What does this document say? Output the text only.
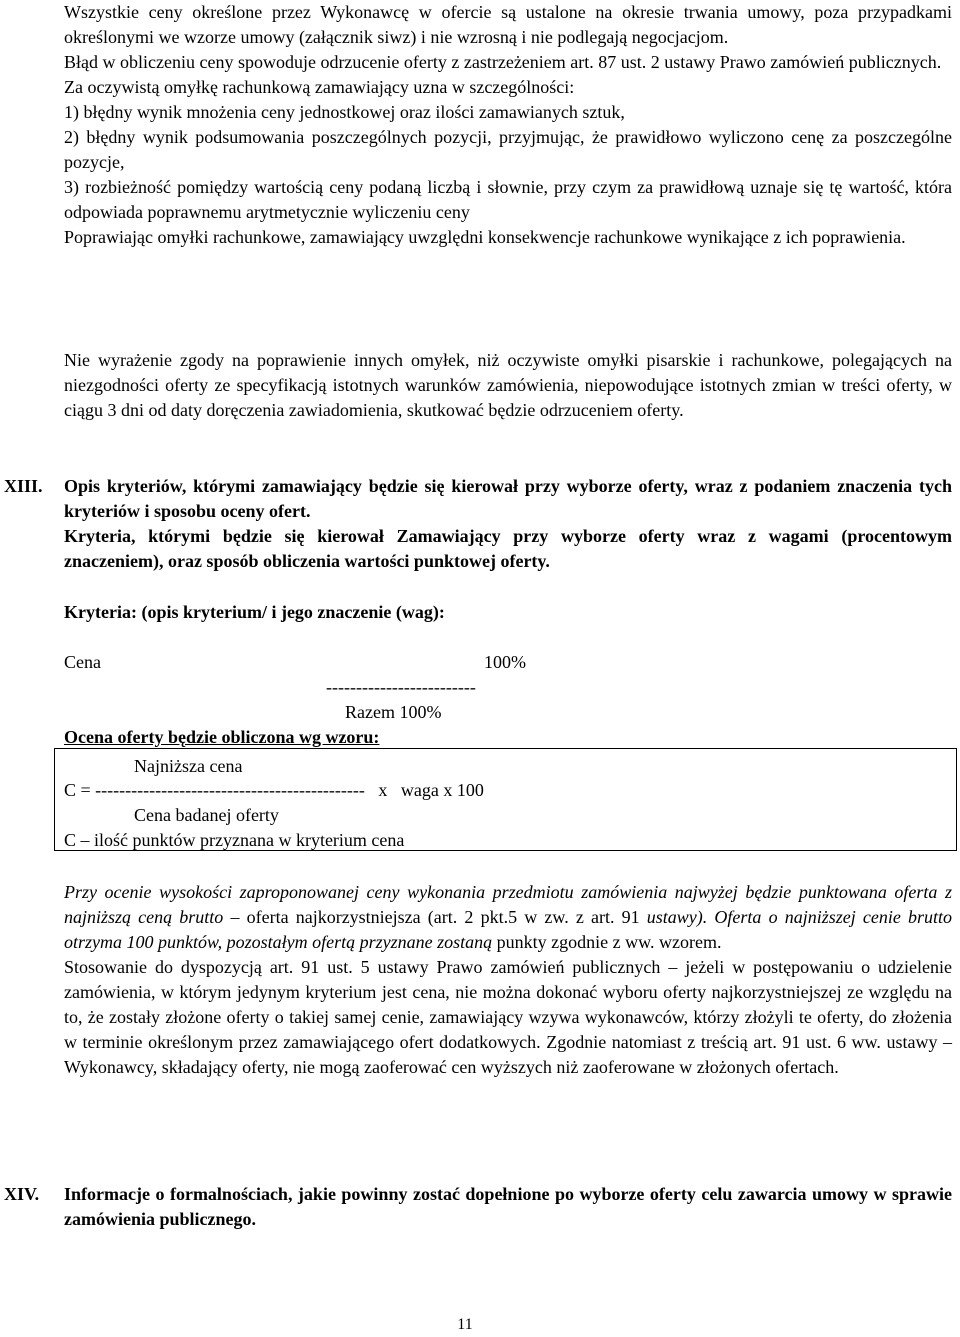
Wszystkie ceny określone przez Wykonawcę w ofercie są ustalone na okresie trwania umowy, poza przypadkami określonymi we wzorze umowy (załącznik siwz) i nie wzrosną i nie podlegają negocjacjom.

Błąd w obliczeniu ceny spowoduje odrzucenie oferty z zastrzeżeniem art. 87 ust. 2 ustawy Prawo zamówień publicznych.

Za oczywistą omyłkę rachunkową zamawiający uzna w szczególności:

1) błędny wynik mnożenia ceny jednostkowej oraz ilości zamawianych sztuk,

2) błędny wynik podsumowania poszczególnych pozycji, przyjmując, że prawidłowo wyliczono cenę za poszczególne pozycje,

3) rozbieżność pomiędzy wartością ceny podaną liczbą i słownie, przy czym za prawidłową uznaje się tę wartość, która odpowiada poprawnemu arytmetycznie wyliczeniu ceny

Poprawiając omyłki rachunkowe, zamawiający uwzględni konsekwencje rachunkowe wynikające z ich poprawienia.

Nie wyrażenie zgody na poprawienie innych omyłek, niż oczywiste omyłki pisarskie i rachunkowe, polegających na niezgodności oferty ze specyfikacją istotnych warunków zamówienia, niepowodujące istotnych zmian w treści oferty, w ciągu 3 dni od daty doręczenia zawiadomienia, skutkować będzie odrzuceniem oferty.

XIII.	Opis kryteriów, którymi zamawiający będzie się kierował przy wyborze oferty, wraz z podaniem znaczenia tych kryteriów i sposobu oceny ofert.

Kryteria, którymi będzie się kierował Zamawiający przy wyborze oferty wraz z wagami (procentowym znaczeniem), oraz sposób obliczenia wartości punktowej oferty.

Kryteria: (opis kryterium/ i jego znaczenie (wag):
Cena	100%
-------------------------
Razem 100%
Ocena oferty będzie obliczona wg wzoru:
Najniższa cena
C = ---------------------------------------------   x   waga x 100
Cena badanej oferty
C – ilość punktów przyznana w kryterium cena

Przy ocenie wysokości zaproponowanej ceny wykonania przedmiotu zamówienia najwyżej będzie punktowana oferta z najniższą ceną brutto – oferta najkorzystniejsza (art. 2 pkt.5 w zw. z art. 91 ustawy). Oferta o najniższej cenie brutto otrzyma 100 punktów, pozostałym ofertą przyznane zostaną punkty zgodnie z ww. wzorem.

Stosowanie do dyspozycją art. 91 ust. 5 ustawy Prawo zamówień publicznych – jeżeli w postępowaniu o udzielenie zamówienia, w którym jedynym kryterium jest cena, nie można dokonać wyboru oferty najkorzystniejszej ze względu na to, że zostały złożone oferty o takiej samej cenie, zamawiający wzywa wykonawców, którzy złożyli te oferty, do złożenia w terminie określonym przez zamawiającego ofert dodatkowych. Zgodnie natomiast z treścią art. 91 ust. 6 ww. ustawy – Wykonawcy, składający oferty, nie mogą zaoferować cen wyższych niż zaoferowane w złożonych ofertach.

XIV.	Informacje o formalnościach, jakie powinny zostać dopełnione po wyborze oferty celu zawarcia umowy w sprawie zamówienia publicznego.

11
